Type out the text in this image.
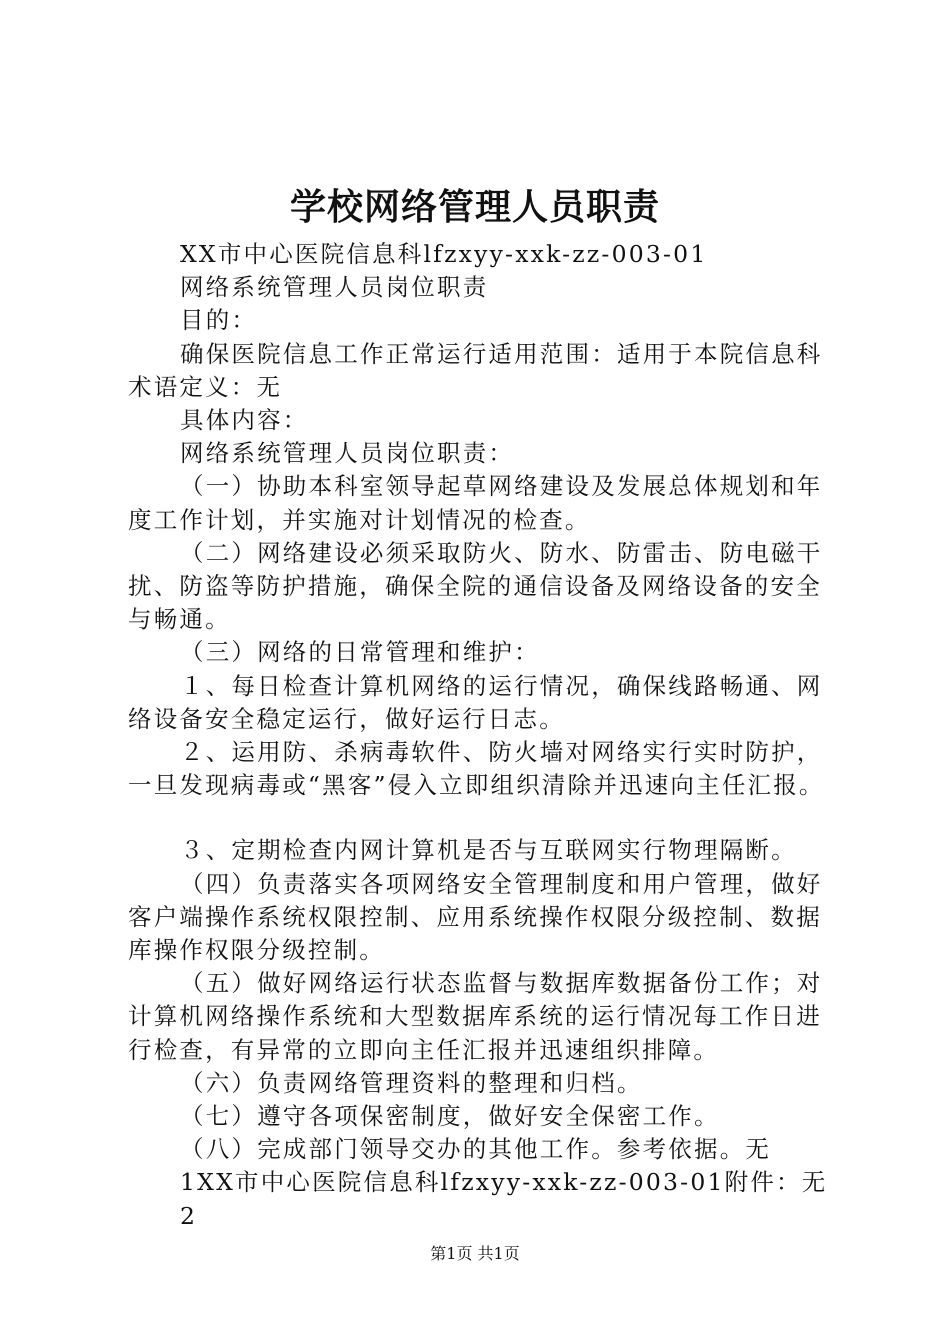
学校网络管理人员职责

XX市中心医院信息科lfzxyy-xxk-zz-003-01

网络系统管理人员岗位职责

目的：

确保医院信息工作正常运行适用范围：适用于本院信息科术语定义：无

具体内容：

网络系统管理人员岗位职责：

（一）协助本科室领导起草网络建设及发展总体规划和年度工作计划，并实施对计划情况的检查。

（二）网络建设必须采取防火、防水、防雷击、防电磁干扰、防盗等防护措施，确保全院的通信设备及网络设备的安全与畅通。

（三）网络的日常管理和维护：

１、每日检查计算机网络的运行情况，确保线路畅通、网络设备安全稳定运行，做好运行日志。

２、运用防、杀病毒软件、防火墙对网络实行实时防护，一旦发现病毒或“黑客”侵入立即组织清除并迅速向主任汇报。

３、定期检查内网计算机是否与互联网实行物理隔断。

（四）负责落实各项网络安全管理制度和用户管理，做好客户端操作系统权限控制、应用系统操作权限分级控制、数据库操作权限分级控制。

（五）做好网络运行状态监督与数据库数据备份工作；对计算机网络操作系统和大型数据库系统的运行情况每工作日进行检查，有异常的立即向主任汇报并迅速组织排障。

（六）负责网络管理资料的整理和归档。

（七）遵守各项保密制度，做好安全保密工作。

（八）完成部门领导交办的其他工作。参考依据。无

1XX市中心医院信息科lfzxyy-xxk-zz-003-01附件：无

2

第1页 共1页
